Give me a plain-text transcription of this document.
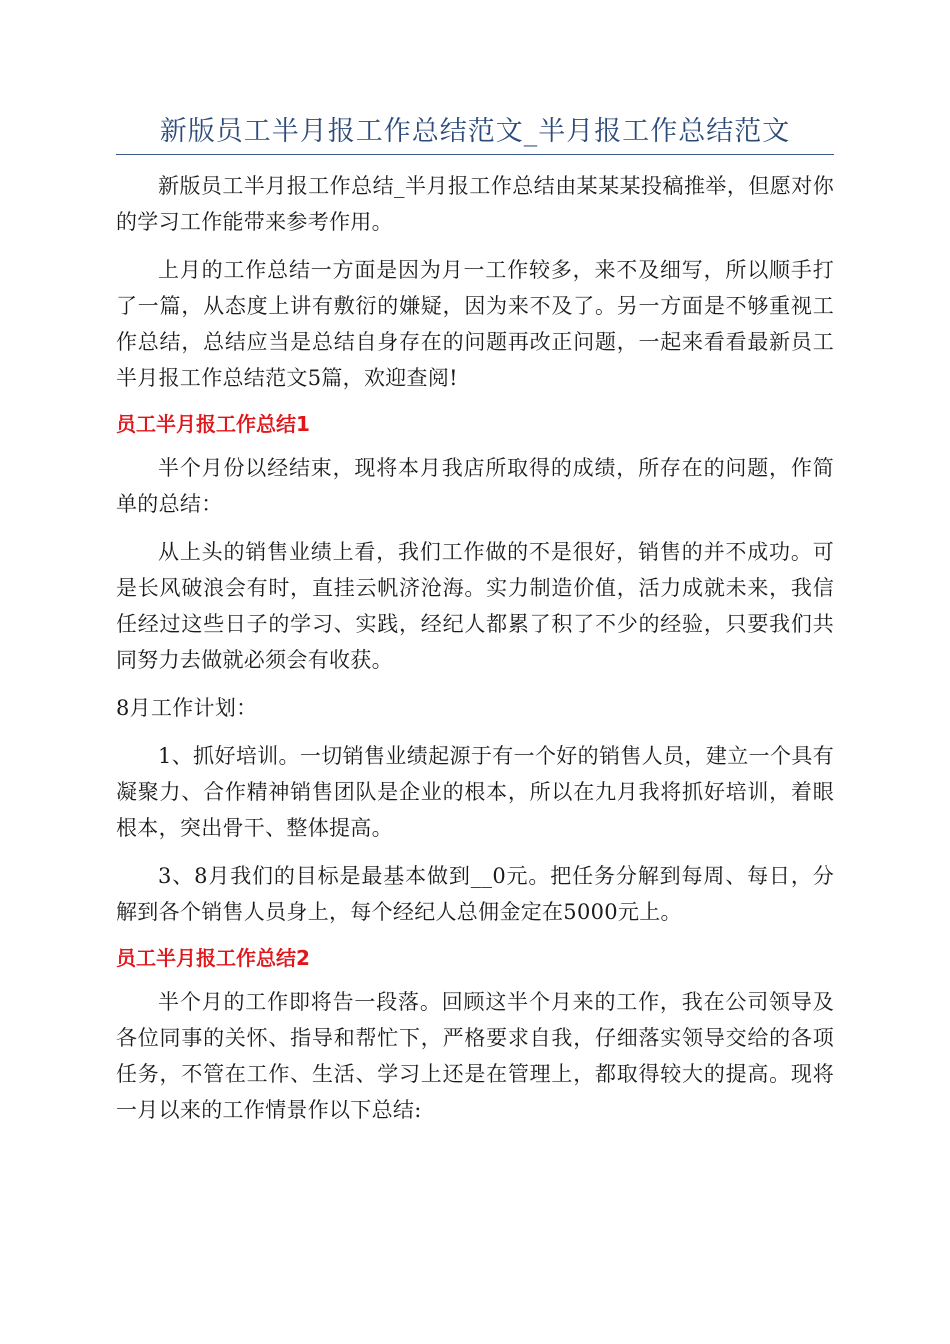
新版员工半月报工作总结范文_半月报工作总结范文

新版员工半月报工作总结_半月报工作总结由某某某投稿推举，但愿对你的学习工作能带来参考作用。

上月的工作总结一方面是因为月一工作较多，来不及细写，所以顺手打了一篇，从态度上讲有敷衍的嫌疑，因为来不及了。另一方面是不够重视工作总结，总结应当是总结自身存在的问题再改正问题，一起来看看最新员工半月报工作总结范文5篇，欢迎查阅!

员工半月报工作总结1

半个月份以经结束，现将本月我店所取得的成绩，所存在的问题，作简单的总结：

从上头的销售业绩上看，我们工作做的不是很好，销售的并不成功。可是长风破浪会有时，直挂云帆济沧海。实力制造价值，活力成就未来，我信任经过这些日子的学习、实践，经纪人都累了积了不少的经验，只要我们共同努力去做就必须会有收获。

8月工作计划：

1、抓好培训。一切销售业绩起源于有一个好的销售人员，建立一个具有凝聚力、合作精神销售团队是企业的根本，所以在九月我将抓好培训，着眼根本，突出骨干、整体提高。

3、8月我们的目标是最基本做到__0元。把任务分解到每周、每日，分解到各个销售人员身上，每个经纪人总佣金定在5000元上。

员工半月报工作总结2

半个月的工作即将告一段落。回顾这半个月来的工作，我在公司领导及各位同事的关怀、指导和帮忙下，严格要求自我，仔细落实领导交给的各项任务，不管在工作、生活、学习上还是在管理上，都取得较大的提高。现将一月以来的工作情景作以下总结:
